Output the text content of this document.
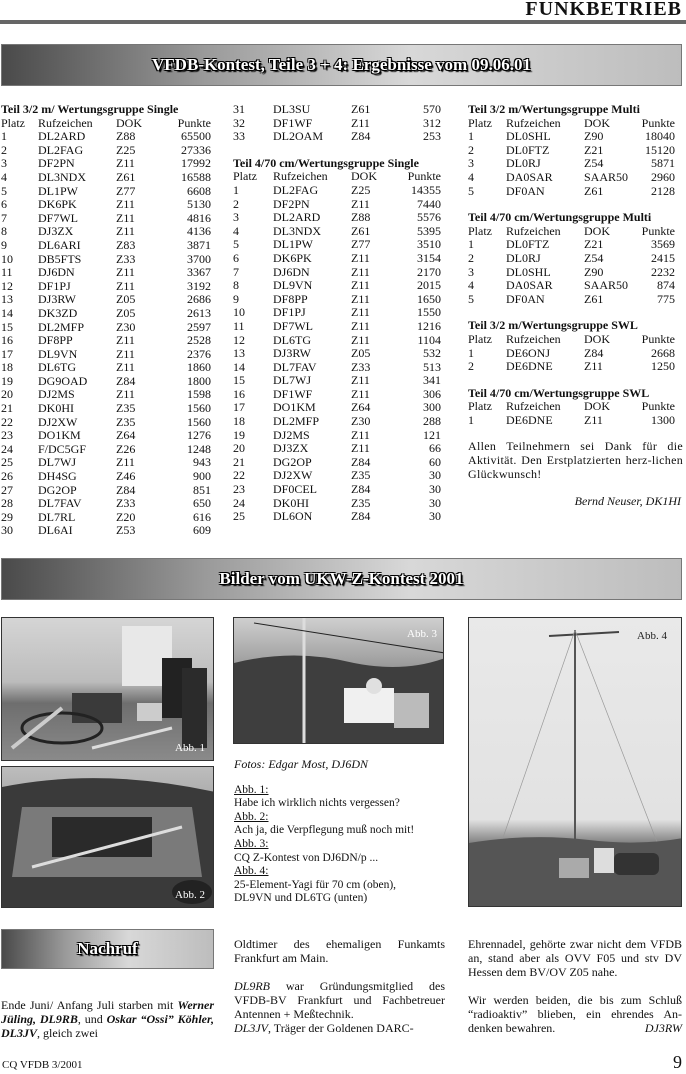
FUNKBETRIEB
VFDB-Kontest, Teile 3 + 4: Ergebnisse vom 09.06.01
Teil 3/2 m/ Wertungsgruppe Single
Platz	Rufzeichen	DOK	Punkte
1	DL2ARD	Z88	65500
2	DL2FAG	Z25	27336
3	DF2PN	Z11	17992
4	DL3NDX	Z61	16588
5	DL1PW	Z77	6608
6	DK6PK	Z11	5130
7	DF7WL	Z11	4816
8	DJ3ZX	Z11	4136
9	DL6ARI	Z83	3871
10	DB5FTS	Z33	3700
11	DJ6DN	Z11	3367
12	DF1PJ	Z11	3192
13	DJ3RW	Z05	2686
14	DK3ZD	Z05	2613
15	DL2MFP	Z30	2597
16	DF8PP	Z11	2528
17	DL9VN	Z11	2376
18	DL6TG	Z11	1860
19	DG9OAD	Z84	1800
20	DJ2MS	Z11	1598
21	DK0HI	Z35	1560
22	DJ2XW	Z35	1560
23	DO1KM	Z64	1276
24	F/DC5GF	Z26	1248
25	DL7WJ	Z11	943
26	DH4SG	Z46	900
27	DG2OP	Z84	851
28	DL7FAV	Z33	650
29	DL7RL	Z20	616
30	DL6AI	Z53	609
31	DL3SU	Z61	570
32	DF1WF	Z11	312
33	DL2OAM	Z84	253
Teil 4/70 cm/Wertungsgruppe Single
Platz	Rufzeichen	DOK	Punkte
1	DL2FAG	Z25	14355
2	DF2PN	Z11	7440
3	DL2ARD	Z88	5576
4	DL3NDX	Z61	5395
5	DL1PW	Z77	3510
6	DK6PK	Z11	3154
7	DJ6DN	Z11	2170
8	DL9VN	Z11	2015
9	DF8PP	Z11	1650
10	DF1PJ	Z11	1550
11	DF7WL	Z11	1216
12	DL6TG	Z11	1104
13	DJ3RW	Z05	532
14	DL7FAV	Z33	513
15	DL7WJ	Z11	341
16	DF1WF	Z11	306
17	DO1KM	Z64	300
18	DL2MFP	Z30	288
19	DJ2MS	Z11	121
20	DJ3ZX	Z11	66
21	DG2OP	Z84	60
22	DJ2XW	Z35	30
23	DF0CEL	Z84	30
24	DK0HI	Z35	30
25	DL6ON	Z84	30
Teil 3/2 m/Wertungsgruppe Multi
Platz	Rufzeichen	DOK	Punkte
1	DL0SHL	Z90	18040
2	DL0FTZ	Z21	15120
3	DL0RJ	Z54	5871
4	DA0SAR	SAAR50	2960
5	DF0AN	Z61	2128
Teil 4/70 cm/Wertungsgruppe Multi
Platz	Rufzeichen	DOK	Punkte
1	DL0FTZ	Z21	3569
2	DL0RJ	Z54	2415
3	DL0SHL	Z90	2232
4	DA0SAR	SAAR50	874
5	DF0AN	Z61	775
Teil 3/2 m/Wertungsgruppe SWL
Platz	Rufzeichen	DOK	Punkte
1	DE6ONJ	Z84	2668
2	DE6DNE	Z11	1250
Teil 4/70 cm/Wertungsgruppe SWL
Platz	Rufzeichen	DOK	Punkte
1	DE6DNE	Z11	1300
Allen Teilnehmern sei Dank für die Aktivität. Den Erstplatzierten herz-lichen Glückwunsch!
Bernd Neuser, DK1HI
Bilder vom UKW-Z-Kontest 2001
Abb. 1
Abb. 2
Abb. 3	Abb. 4
Fotos: Edgar Most, DJ6DN
Abb. 1:
Habe ich wirklich nichts vergessen?
Abb. 2:
Ach ja, die Verpflegung muß noch mit!
Abb. 3:
CQ Z-Kontest von DJ6DN/p ...
Abb. 4:
25-Element-Yagi für 70 cm (oben),
DL9VN und DL6TG (unten)
Nachruf
Ende Juni/ Anfang Juli starben mit Werner Jüling, DL9RB, und Oskar “Ossi” Köhler, DL3JV, gleich zwei
Oldtimer des ehemaligen Funkamts Frankfurt am Main.
DL9RB war Gründungsmitglied des VFDB-BV Frankfurt und Fachbetreuer Antennen + Meßtechnik.
DL3JV, Träger der Goldenen DARC-
Ehrennadel, gehörte zwar nicht dem VFDB an, stand aber als OVV F05 und stv DV Hessen dem BV/OV Z05 nahe.
Wir werden beiden, die bis zum Schluß “radioaktiv” blieben, ein ehrendes An-denken bewahren.	DJ3RW
CQ VFDB 3/2001	9
